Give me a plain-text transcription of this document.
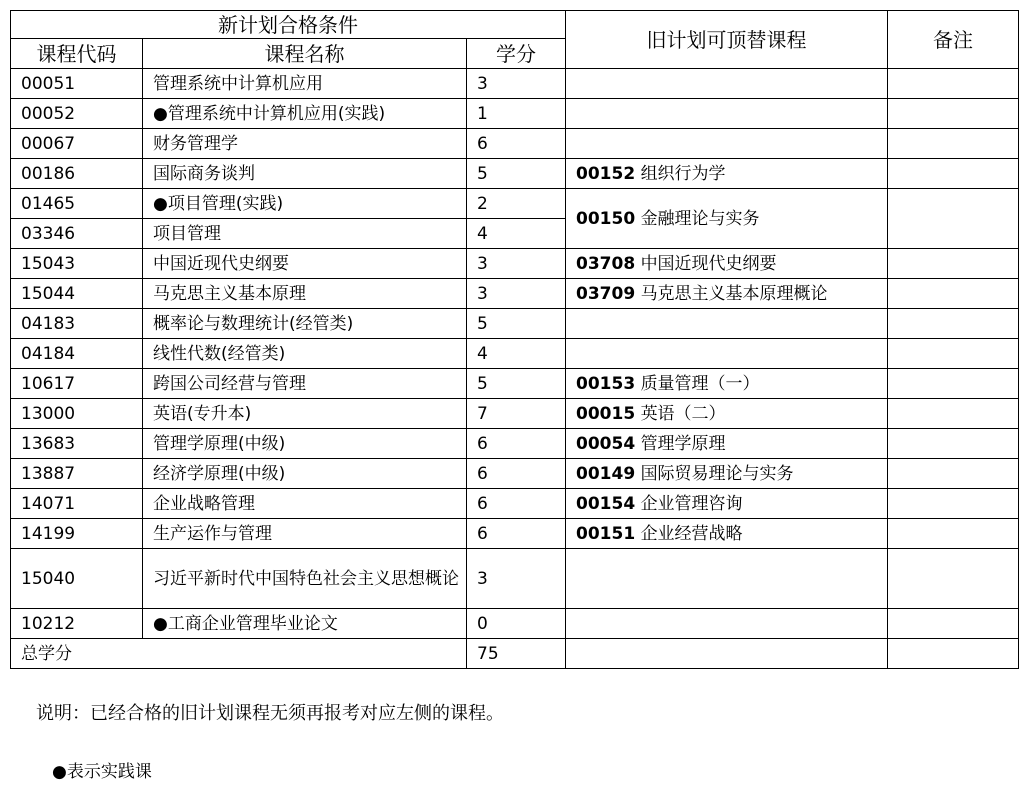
新计划合格条件			旧计划可顶替课程	备注
课程代码	课程名称	学分		
00051	管理系统中计算机应用	3		
00052	●管理系统中计算机应用(实践)	1		
00067	财务管理学	6		
00186	国际商务谈判	5	00152 组织行为学	
01465	●项目管理(实践)	2	00150 金融理论与实务	
03346	项目管理	4		
15043	中国近现代史纲要	3	03708 中国近现代史纲要	
15044	马克思主义基本原理	3	03709 马克思主义基本原理概论	
04183	概率论与数理统计(经管类)	5		
04184	线性代数(经管类)	4		
10617	跨国公司经营与管理	5	00153 质量管理（一）	
13000	英语(专升本)	7	00015 英语（二）	
13683	管理学原理(中级)	6	00054 管理学原理	
13887	经济学原理(中级)	6	00149 国际贸易理论与实务	
14071	企业战略管理	6	00154 企业管理咨询	
14199	生产运作与管理	6	00151 企业经营战略	
15040	习近平新时代中国特色社会主义思想概论	3		
10212	●工商企业管理毕业论文	0		
总学分		75		
说明：已经合格的旧计划课程无须再报考对应左侧的课程。
●表示实践课
